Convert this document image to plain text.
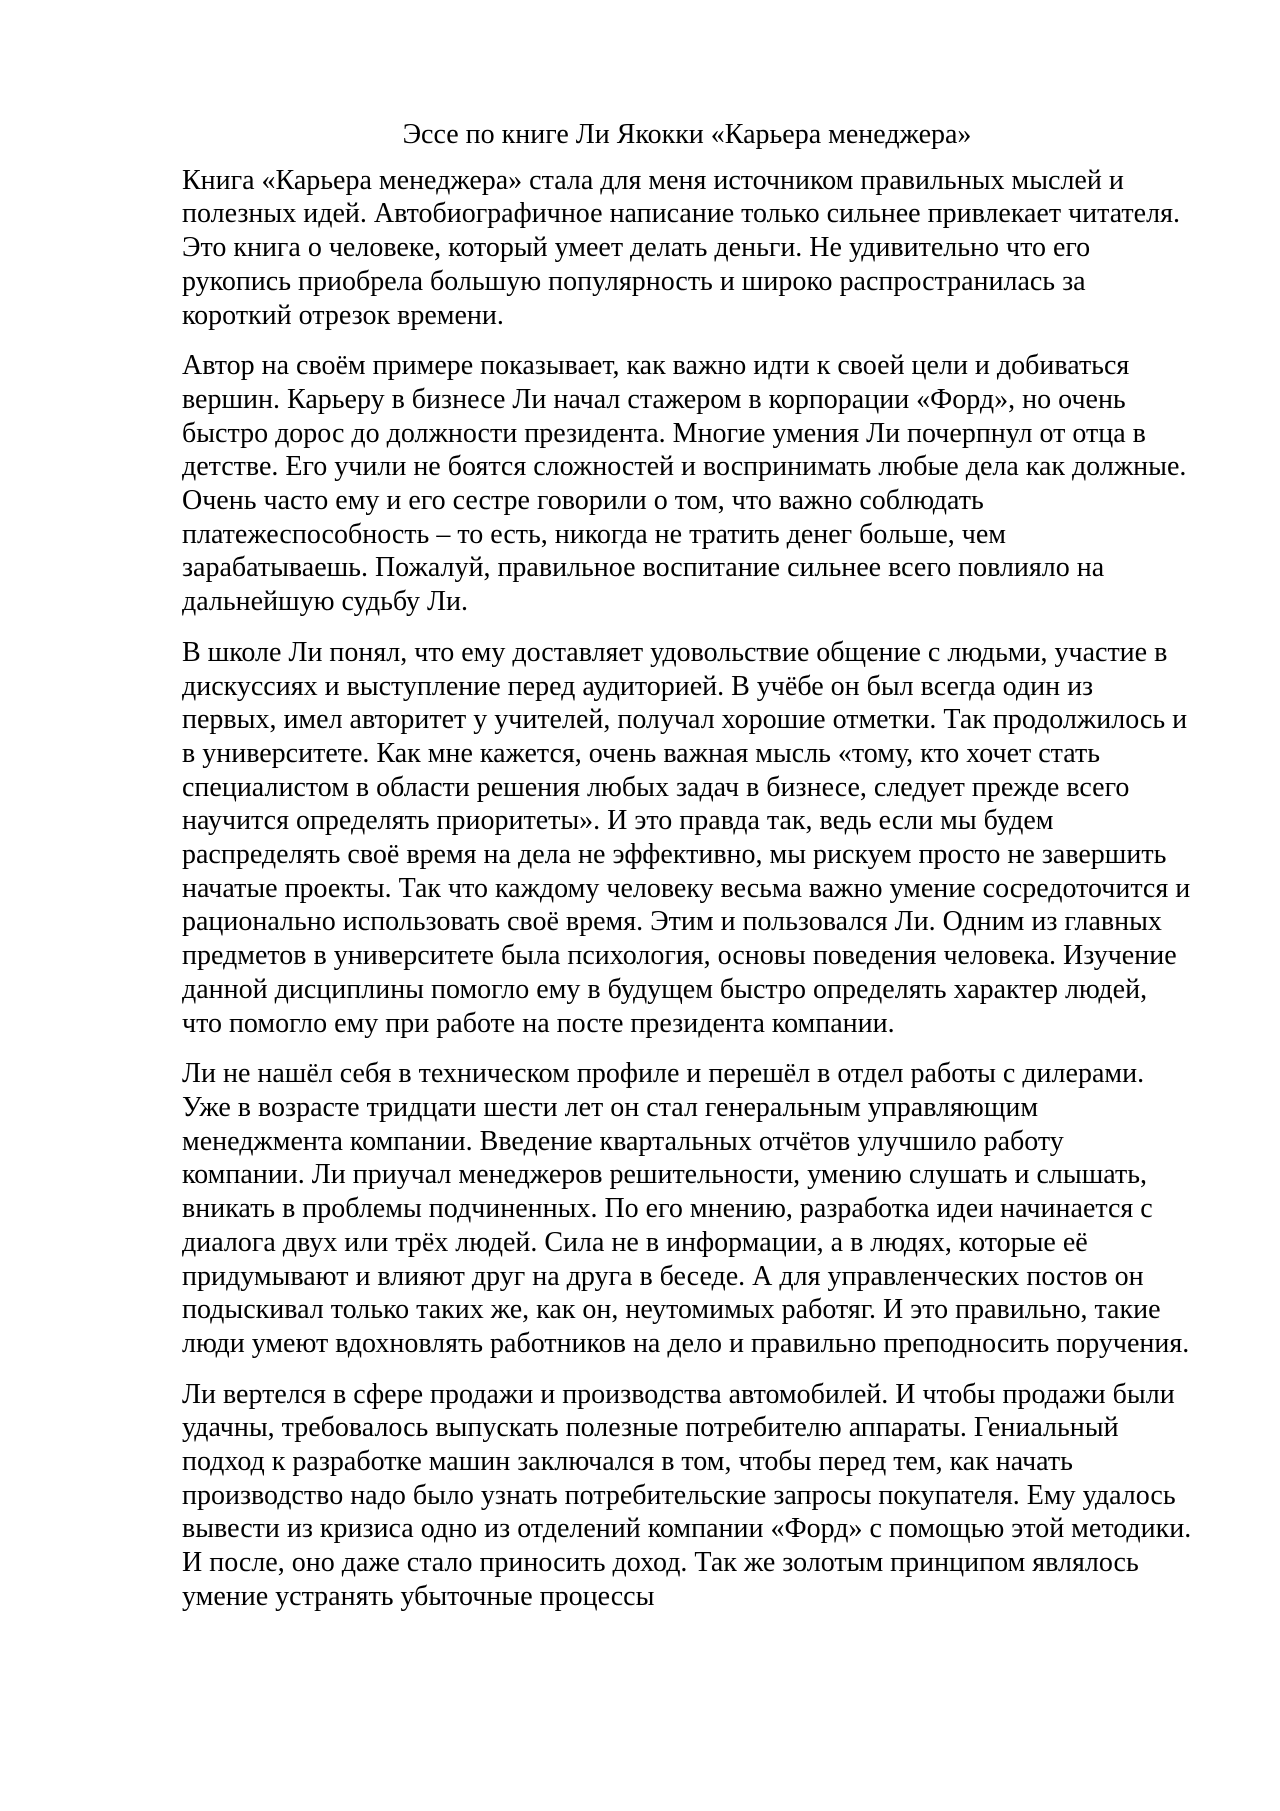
Эссе по книге Ли Якокки «Карьера менеджера»

Книга «Карьера менеджера» стала для меня источником правильных мыслей и полезных идей. Автобиографичное написание только сильнее привлекает читателя. Это книга о человеке, который умеет делать деньги. Не удивительно что его рукопись приобрела большую популярность и широко распространилась за короткий отрезок времени.

Автор на своём примере показывает, как важно идти к своей цели и добиваться вершин. Карьеру в бизнесе Ли начал стажером в корпорации «Форд», но очень быстро дорос до должности президента. Многие умения Ли почерпнул от отца в детстве. Его учили не боятся сложностей и воспринимать любые дела как должные. Очень часто ему и его сестре говорили о том, что важно соблюдать платежеспособность – то есть, никогда не тратить денег больше, чем зарабатываешь. Пожалуй, правильное воспитание сильнее всего повлияло на дальнейшую судьбу Ли.

В школе Ли понял, что ему доставляет удовольствие общение с людьми, участие в дискуссиях и выступление перед аудиторией. В учёбе он был всегда один из первых, имел авторитет у учителей, получал хорошие отметки. Так продолжилось и в университете. Как мне кажется, очень важная мысль «тому, кто хочет стать специалистом в области решения любых задач в бизнесе, следует прежде всего научится определять приоритеты». И это правда так, ведь если мы будем распределять своё время на дела не эффективно, мы рискуем просто не завершить начатые проекты. Так что каждому человеку весьма важно умение сосредоточится и рационально использовать своё время. Этим и пользовался Ли. Одним из главных предметов в университете была психология, основы поведения человека. Изучение данной дисциплины помогло ему в будущем быстро определять характер людей, что помогло ему при работе на посте президента компании.

Ли не нашёл себя в техническом профиле и перешёл в отдел работы с дилерами. Уже в возрасте тридцати шести лет он стал генеральным управляющим менеджмента компании. Введение квартальных отчётов улучшило работу компании. Ли приучал менеджеров решительности, умению слушать и слышать, вникать в проблемы подчиненных. По его мнению, разработка идеи начинается с диалога двух или трёх людей. Сила не в информации, а в людях, которые её придумывают и влияют друг на друга в беседе. А для управленческих постов он подыскивал только таких же, как он, неутомимых работяг. И это правильно, такие люди умеют вдохновлять работников на дело и правильно преподносить поручения.

Ли вертелся в сфере продажи и производства автомобилей. И чтобы продажи были удачны, требовалось выпускать полезные потребителю аппараты. Гениальный подход к разработке машин заключался в том, чтобы перед тем, как начать производство надо было узнать потребительские запросы покупателя. Ему удалось вывести из кризиса одно из отделений компании «Форд» с помощью этой методики. И после, оно даже стало приносить доход. Так же золотым принципом являлось умение устранять убыточные процессы
